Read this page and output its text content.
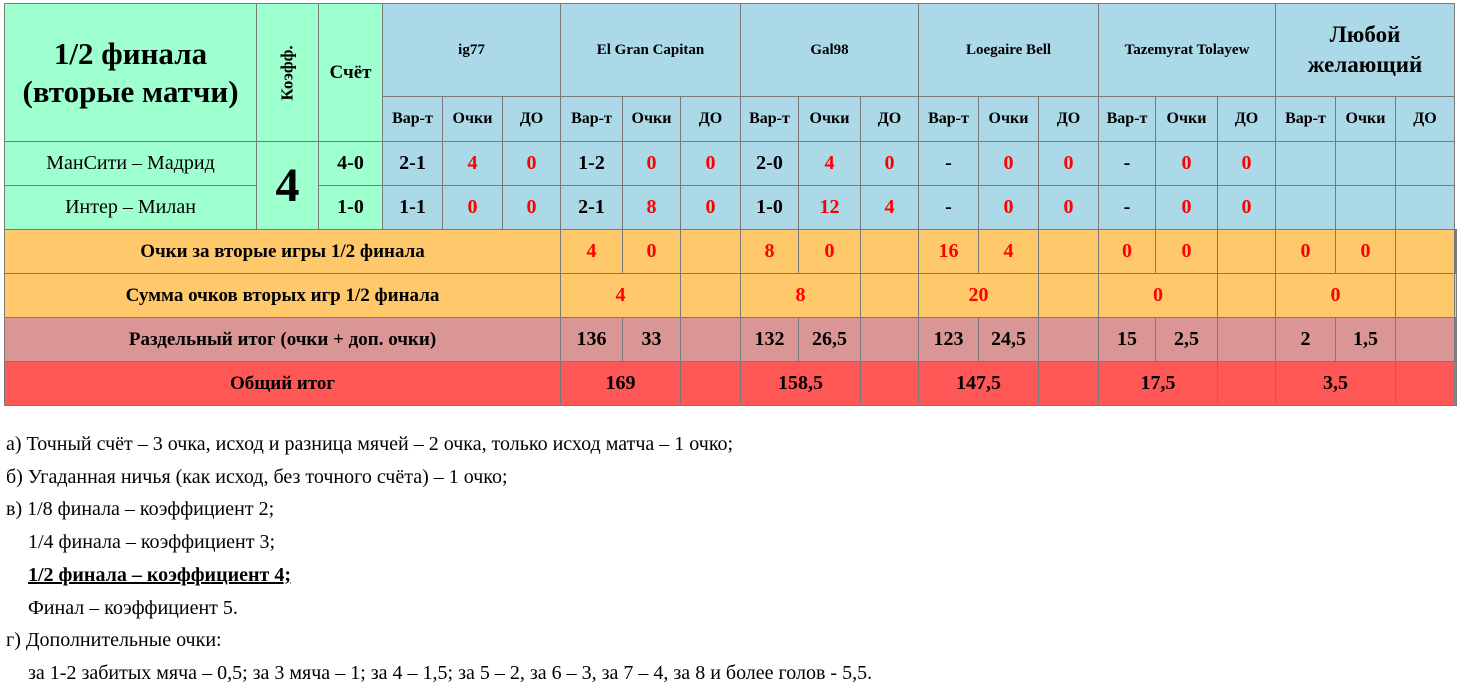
1/2 финала (вторые матчи)	Коэфф.	Счёт	ig77			El Gran Capitan			Gal98			Loegaire Bell			Tazemyrat Tolayew			Любой желающий			
			Вар-т	Очки	ДО	Вар-т	Очки	ДО	Вар-т	Очки	ДО	Вар-т	Очки	ДО	Вар-т	Очки	ДО	Вар-т	Очки	ДО	
МанСити – Мадрид	4	4-0	2-1	4	0	1-2	0	0	2-0	4	0	-	0	0	-	0	0				
Интер – Милан		1-0	1-1	0	0	2-1	8	0	1-0	12	4	-	0	0	-	0	0				
Очки за вторые игры 1/2 финала						4	0		8	0		16	4		0	0		0	0			
Сумма очков вторых игр 1/2 финала						4			8			20			0			0			
Раздельный итог (очки + доп. очки)						136	33		132	26,5		123	24,5		15	2,5		2	1,5			
Общий итог						169			158,5			147,5			17,5			3,5			
а) Точный счёт – 3 очка, исход и разница мячей – 2 очка, только исход матча – 1 очко;
б) Угаданная ничья (как исход, без точного счёта) – 1 очко;
в) 1/8 финала – коэффициент 2;
1/4 финала – коэффициент 3;
1/2 финала – коэффициент 4;
Финал – коэффициент 5.
г) Дополнительные очки:
за 1-2 забитых мяча – 0,5; за 3 мяча – 1; за 4 – 1,5; за 5 – 2, за 6 – 3, за 7 – 4, за 8 и более голов - 5,5.
